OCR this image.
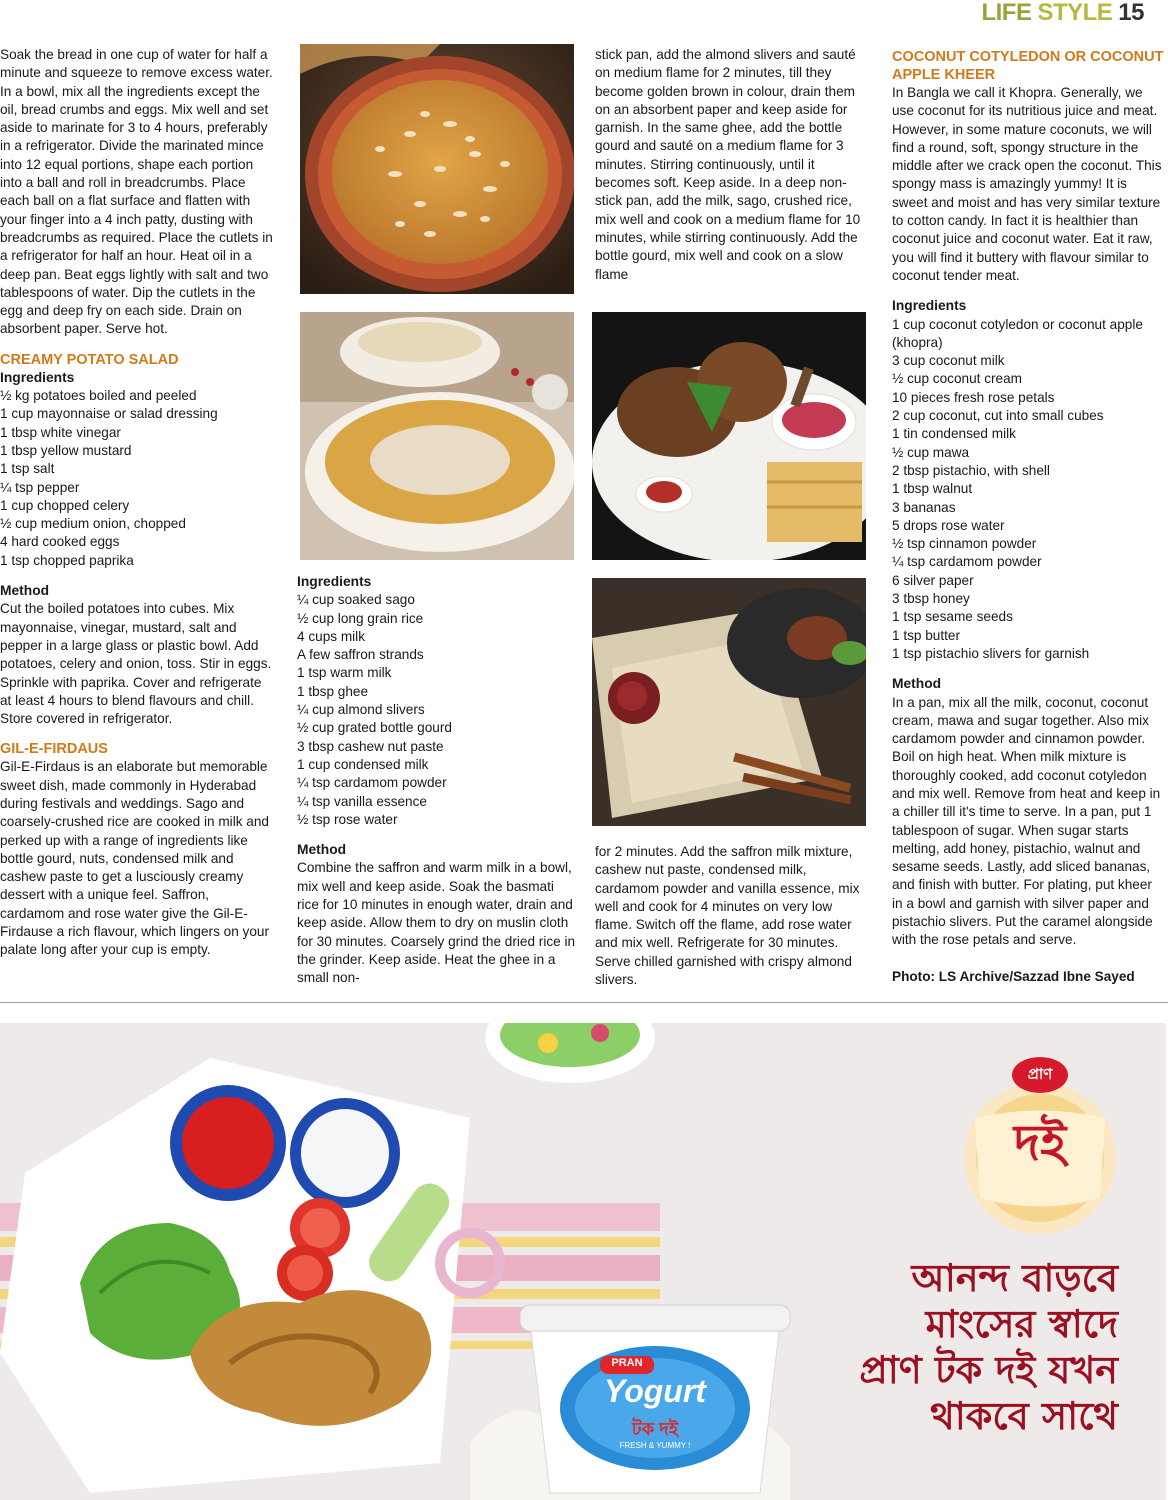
LIFE STYLE 15

Soak the bread in one cup of water for half a minute and squeeze to remove excess water. In a bowl, mix all the ingredients except the oil, bread crumbs and eggs. Mix well and set aside to marinate for 3 to 4 hours, preferably in a refrigerator. Divide the marinated mince into 12 equal portions, shape each portion into a ball and roll in breadcrumbs. Place each ball on a flat surface and flatten with your finger into a 4 inch patty, dusting with breadcrumbs as required. Place the cutlets in a refrigerator for half an hour. Heat oil in a deep pan. Beat eggs lightly with salt and two tablespoons of water. Dip the cutlets in the egg and deep fry on each side. Drain on absorbent paper. Serve hot.

CREAMY POTATO SALAD
Ingredients
½ kg potatoes boiled and peeled
1 cup mayonnaise or salad dressing
1 tbsp white vinegar
1 tbsp yellow mustard
1 tsp salt
¼ tsp pepper
1 cup chopped celery
½ cup medium onion, chopped
4 hard cooked eggs
1 tsp chopped paprika
Method

Cut the boiled potatoes into cubes. Mix mayonnaise, vinegar, mustard, salt and pepper in a large glass or plastic bowl. Add potatoes, celery and onion, toss. Stir in eggs. Sprinkle with paprika. Cover and refrigerate at least 4 hours to blend flavours and chill. Store covered in refrigerator.

GIL-E-FIRDAUS

Gil-E-Firdaus is an elaborate but memorable sweet dish, made commonly in Hyderabad during festivals and weddings. Sago and coarsely-crushed rice are cooked in milk and perked up with a range of ingredients like bottle gourd, nuts, condensed milk and cashew paste to get a lusciously creamy dessert with a unique feel. Saffron, cardamom and rose water give the Gil-E-Firdause a rich flavour, which lingers on your palate long after your cup is empty.

Ingredients
¼ cup soaked sago
½ cup long grain rice
4 cups milk
A few saffron strands
1 tsp warm milk
1 tbsp ghee
¼ cup almond slivers
½ cup grated bottle gourd
3 tbsp cashew nut paste
1 cup condensed milk
¼ tsp cardamom powder
¼ tsp vanilla essence
½ tsp rose water
Method

Combine the saffron and warm milk in a bowl, mix well and keep aside. Soak the basmati rice for 10 minutes in enough water, drain and keep aside. Allow them to dry on muslin cloth for 30 minutes. Coarsely grind the dried rice in the grinder. Keep aside. Heat the ghee in a small non-

stick pan, add the almond slivers and sauté on medium flame for 2 minutes, till they become golden brown in colour, drain them on an absorbent paper and keep aside for garnish. In the same ghee, add the bottle gourd and sauté on a medium flame for 3 minutes. Stirring continuously, until it becomes soft. Keep aside. In a deep non- stick pan, add the milk, sago, crushed rice, mix well and cook on a medium flame for 10 minutes, while stirring continuously. Add the bottle gourd, mix well and cook on a slow flame

for 2 minutes. Add the saffron milk mixture, cashew nut paste, condensed milk, cardamom powder and vanilla essence, mix well and cook for 4 minutes on very low flame. Switch off the flame, add rose water and mix well. Refrigerate for 30 minutes. Serve chilled garnished with crispy almond slivers.

COCONUT COTYLEDON OR COCONUT APPLE KHEER

In Bangla we call it Khopra. Generally, we use coconut for its nutritious juice and meat. However, in some mature coconuts, we will find a round, soft, spongy structure in the middle after we crack open the coconut. This spongy mass is amazingly yummy! It is sweet and moist and has very similar texture to cotton candy. In fact it is healthier than coconut juice and coconut water. Eat it raw, you will find it buttery with flavour similar to coconut tender meat.

Ingredients
1 cup coconut cotyledon or coconut apple
(khopra)
3 cup coconut milk
½ cup coconut cream
10 pieces fresh rose petals
2 cup coconut, cut into small cubes
1 tin condensed milk
½ cup mawa
2 tbsp pistachio, with shell
1 tbsp walnut
3 bananas
5 drops rose water
½ tsp cinnamon powder
¼ tsp cardamom powder
6 silver paper
3 tbsp honey
1 tsp sesame seeds
1 tsp butter
1 tsp pistachio slivers for garnish
Method

In a pan, mix all the milk, coconut, coconut cream, mawa and sugar together. Also mix cardamom powder and cinnamon powder. Boil on high heat. When milk mixture is thoroughly cooked, add coconut cotyledon and mix well. Remove from heat and keep in a chiller till it's time to serve. In a pan, put 1 tablespoon of sugar. When sugar starts melting, add honey, pistachio, walnut and sesame seeds. Lastly, add sliced bananas, and finish with butter. For plating, put kheer in a bowl and garnish with silver paper and pistachio slivers. Put the caramel alongside with the rose petals and serve.

Photo: LS Archive/Sazzad Ibne Sayed

প্রাণ
দই
আনন্দ বাড়বে
মাংসের স্বাদে
প্রাণ টক দই যখন
থাকবে সাথে
PRAN
Yogurt
টক দই
FRESH & YUMMY !
